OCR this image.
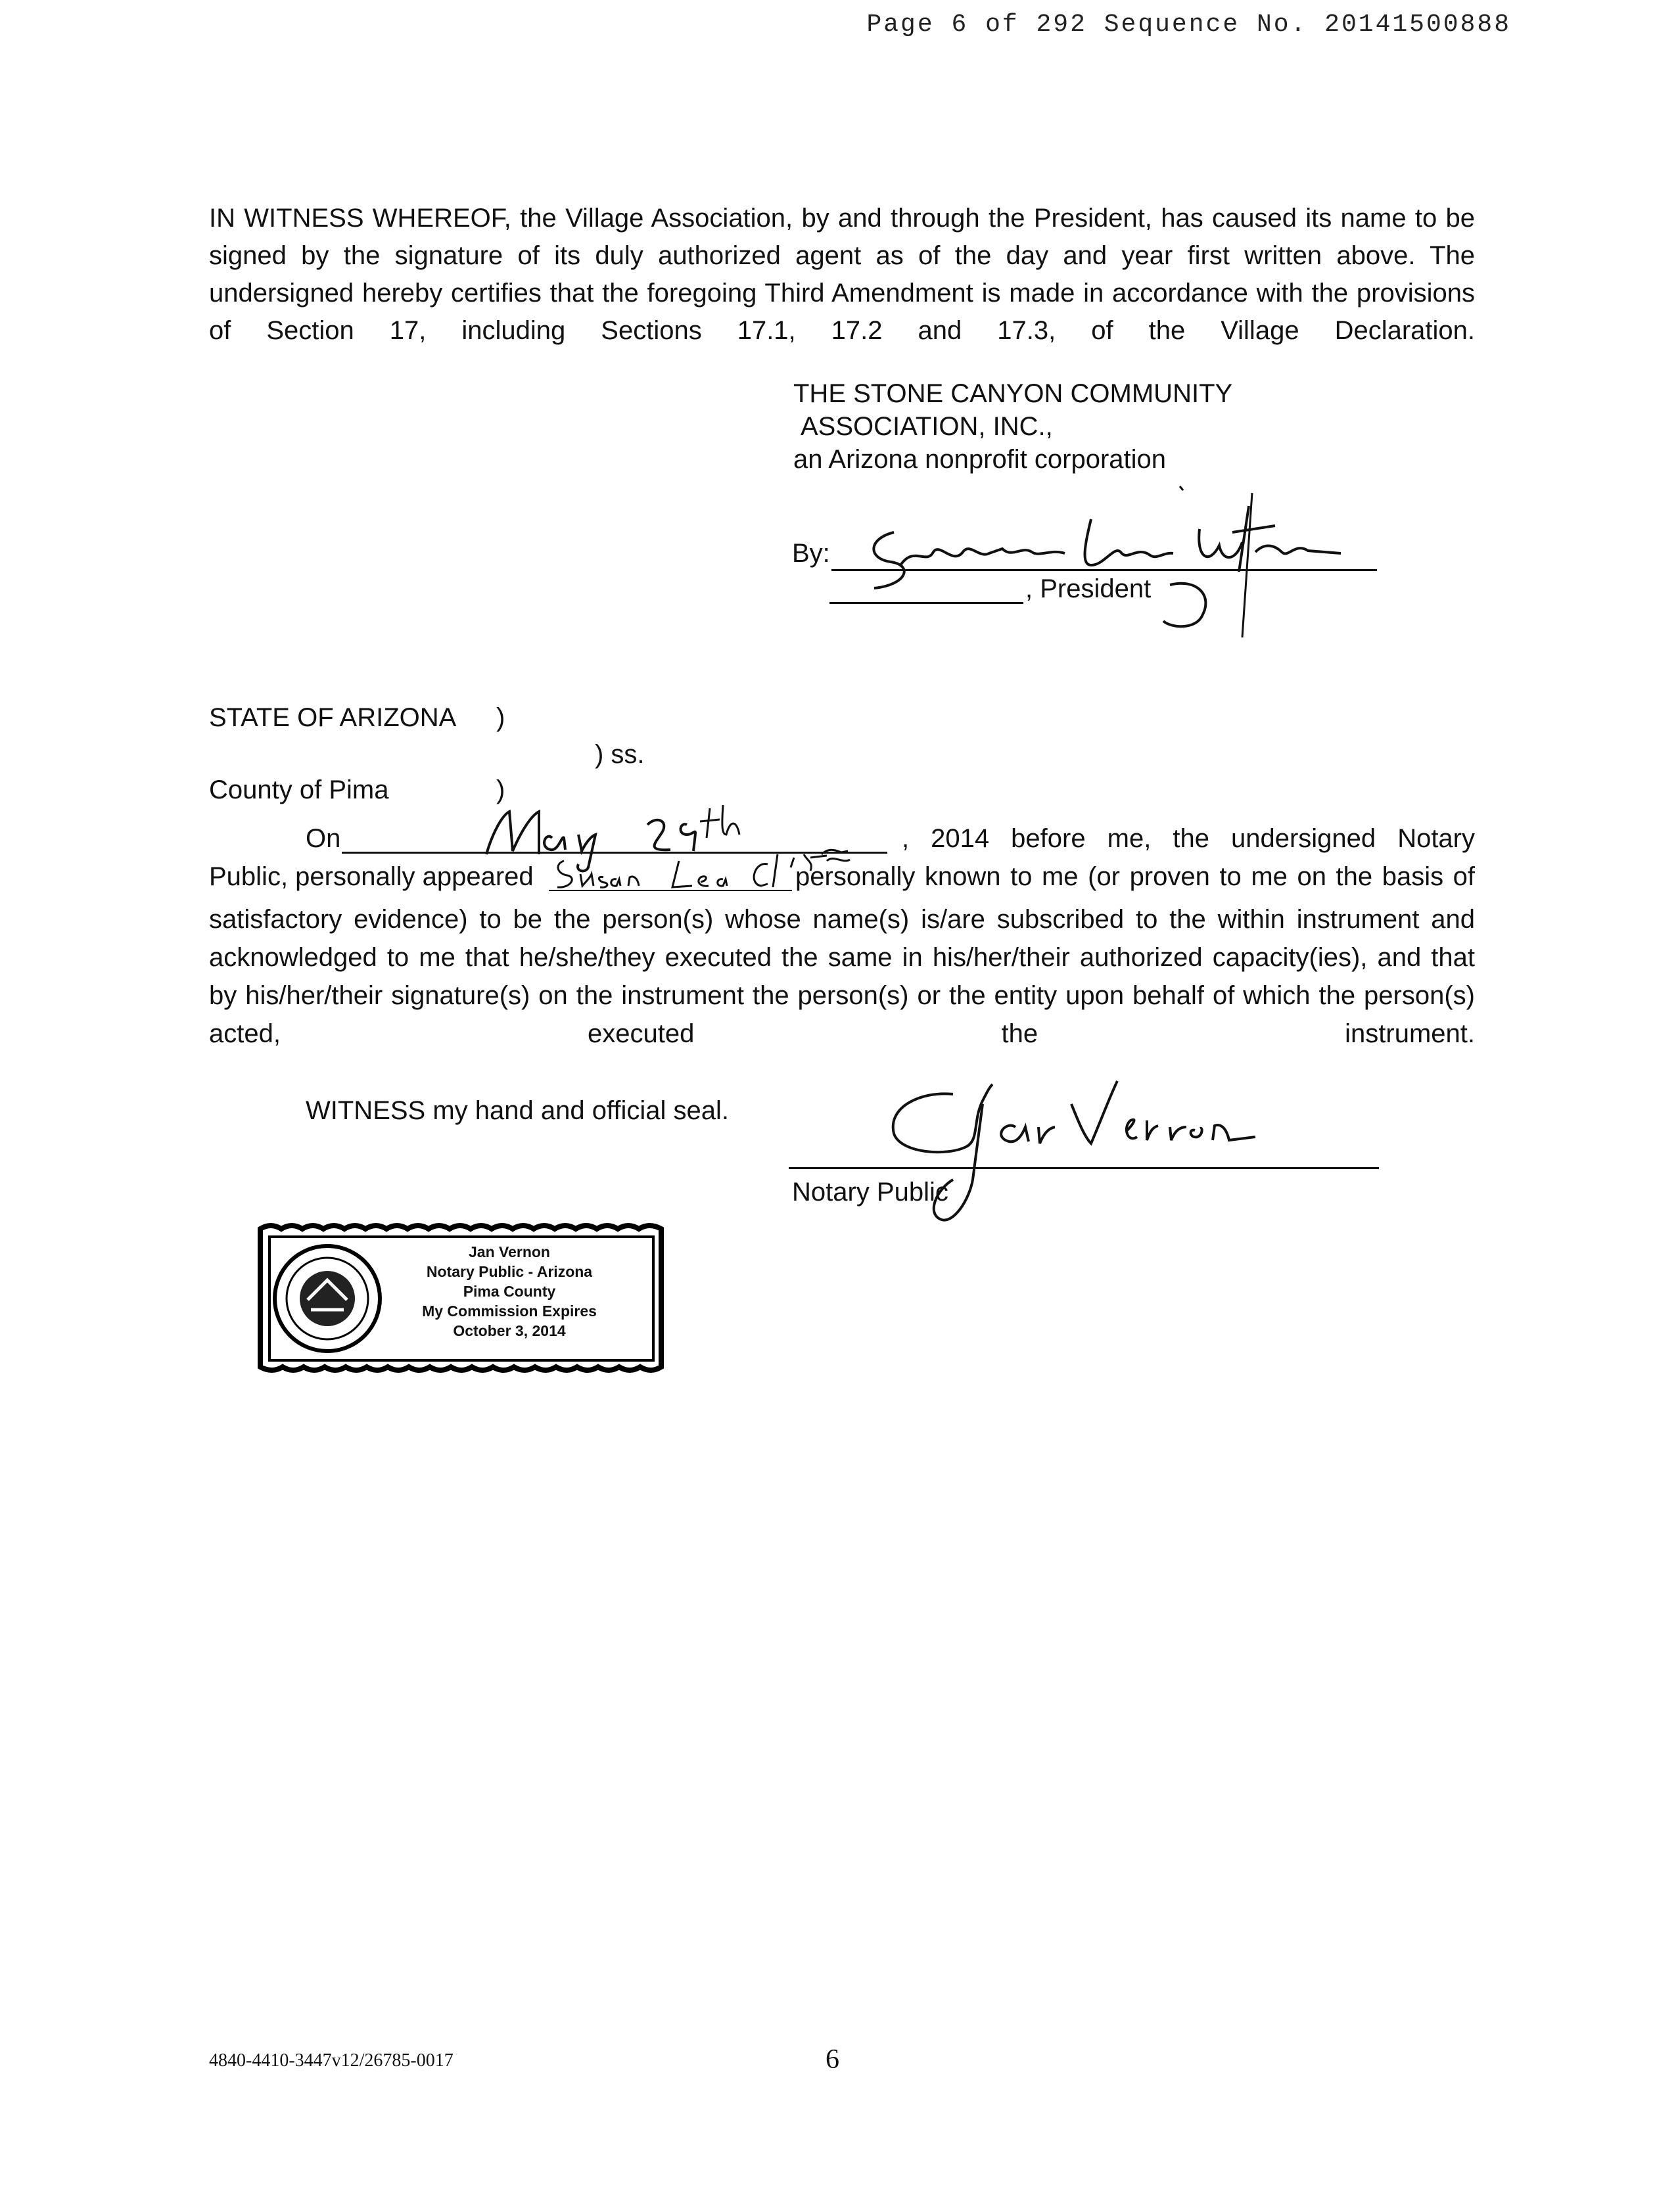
Page 6 of 292 Sequence No. 20141500888
IN WITNESS WHEREOF, the Village Association, by and through the President, has caused its name to be signed by the signature of its duly authorized agent as of the day and year first written above. The undersigned hereby certifies that the foregoing Third Amendment is made in accordance with the provisions of Section 17, including Sections 17.1, 17.2 and 17.3, of the Village Declaration.
THE STONE CANYON COMMUNITY
ASSOCIATION, INC.,
an Arizona nonprofit corporation
By:
, President
STATE OF ARIZONA )
) ss.
County of Pima	)
On	, 2014 before me, the undersigned Notary
Public, personally appeared	personally known to me (or proven to me on the basis of
satisfactory evidence) to be the person(s) whose name(s) is/are subscribed to the within instrument and acknowledged to me that he/she/they executed the same in his/her/their authorized capacity(ies), and that by his/her/their signature(s) on the instrument the person(s) or the entity upon behalf of which the person(s) acted, executed the instrument.
WITNESS my hand and official seal.
Notary Public
Jan Vernon
Notary Public - Arizona
Pima County
My Commission Expires
October 3, 2014
4840-4410-3447v12/26785-0017	6
